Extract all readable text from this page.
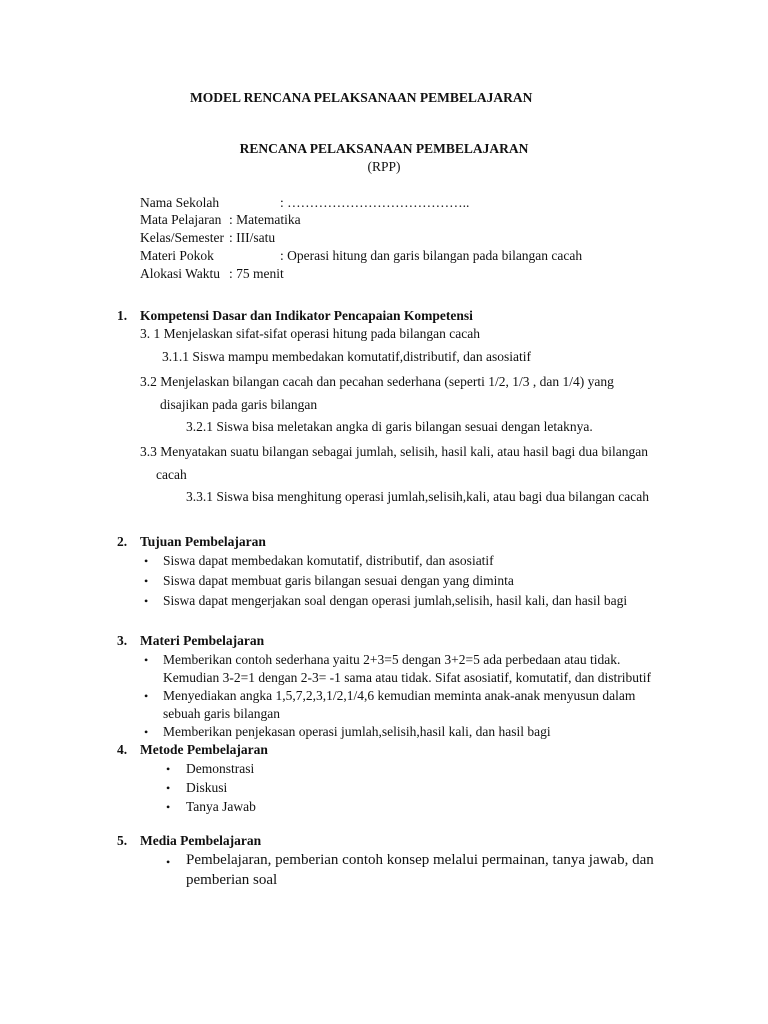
MODEL RENCANA PELAKSANAAN PEMBELAJARAN
RENCANA PELAKSANAAN PEMBELAJARAN
(RPP)
Nama Sekolah	: …………………………………..
Mata Pelajaran : Matematika
Kelas/Semester : III/satu
Materi Pokok	: Operasi hitung dan garis bilangan pada bilangan cacah
Alokasi Waktu : 75 menit
1. Kompetensi Dasar dan Indikator Pencapaian Kompetensi
3. 1 Menjelaskan sifat-sifat operasi hitung pada bilangan cacah
3.1.1 Siswa mampu membedakan komutatif,distributif, dan asosiatif
3.2 Menjelaskan bilangan cacah dan pecahan sederhana (seperti 1/2, 1/3 , dan 1/4) yang
disajikan pada garis bilangan
3.2.1 Siswa bisa meletakan angka di garis bilangan sesuai dengan letaknya.
3.3 Menyatakan suatu bilangan sebagai jumlah, selisih, hasil kali, atau hasil bagi dua bilangan
cacah
3.3.1 Siswa bisa menghitung operasi jumlah,selisih,kali, atau bagi dua bilangan cacah
2. Tujuan Pembelajaran
• Siswa dapat membedakan komutatif, distributif, dan asosiatif
• Siswa dapat membuat garis bilangan sesuai dengan yang diminta
• Siswa dapat mengerjakan soal dengan operasi jumlah,selisih, hasil kali, dan hasil bagi
3. Materi Pembelajaran
• Memberikan contoh sederhana yaitu 2+3=5 dengan 3+2=5 ada perbedaan atau tidak.
Kemudian 3-2=1 dengan 2-3= -1 sama atau tidak. Sifat asosiatif, komutatif, dan distributif
• Menyediakan angka 1,5,7,2,3,1/2,1/4,6 kemudian meminta anak-anak menyusun dalam
sebuah garis bilangan
• Memberikan penjekasan operasi jumlah,selisih,hasil kali, dan hasil bagi
4. Metode Pembelajaran
• Demonstrasi
• Diskusi
• Tanya Jawab
5. Media Pembelajaran
• Pembelajaran, pemberian contoh konsep melalui permainan, tanya jawab, dan
pemberian soal
